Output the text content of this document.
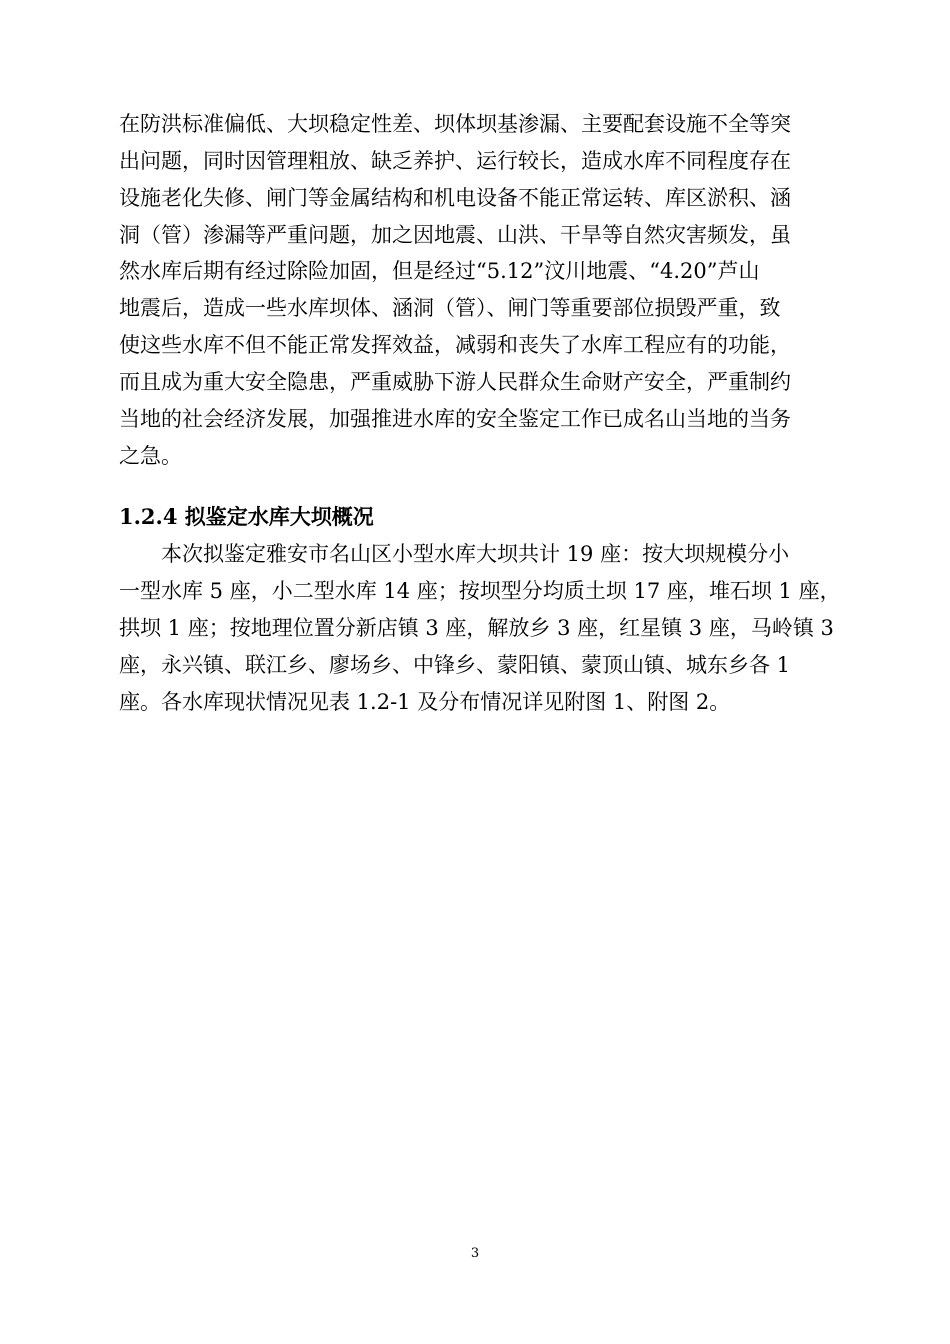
在防洪标准偏低、大坝稳定性差、坝体坝基渗漏、主要配套设施不全等突
出问题，同时因管理粗放、缺乏养护、运行较长，造成水库不同程度存在
设施老化失修、闸门等金属结构和机电设备不能正常运转、库区淤积、涵
洞（管）渗漏等严重问题，加之因地震、山洪、干旱等自然灾害频发，虽
然水库后期有经过除险加固，但是经过“5.12”汶川地震、“4.20”芦山
地震后，造成一些水库坝体、涵洞（管）、闸门等重要部位损毁严重，致
使这些水库不但不能正常发挥效益，减弱和丧失了水库工程应有的功能，
而且成为重大安全隐患，严重威胁下游人民群众生命财产安全，严重制约
当地的社会经济发展，加强推进水库的安全鉴定工作已成名山当地的当务
之急。
1.2.4 拟鉴定水库大坝概况
本次拟鉴定雅安市名山区小型水库大坝共计 19 座：按大坝规模分小
一型水库 5 座，小二型水库 14 座；按坝型分均质土坝 17 座，堆石坝 1 座，
拱坝 1 座；按地理位置分新店镇 3 座，解放乡 3 座，红星镇 3 座，马岭镇 3
座，永兴镇、联江乡、廖场乡、中锋乡、蒙阳镇、蒙顶山镇、城东乡各 1
座。各水库现状情况见表 1.2-1 及分布情况详见附图 1、附图 2。
3
